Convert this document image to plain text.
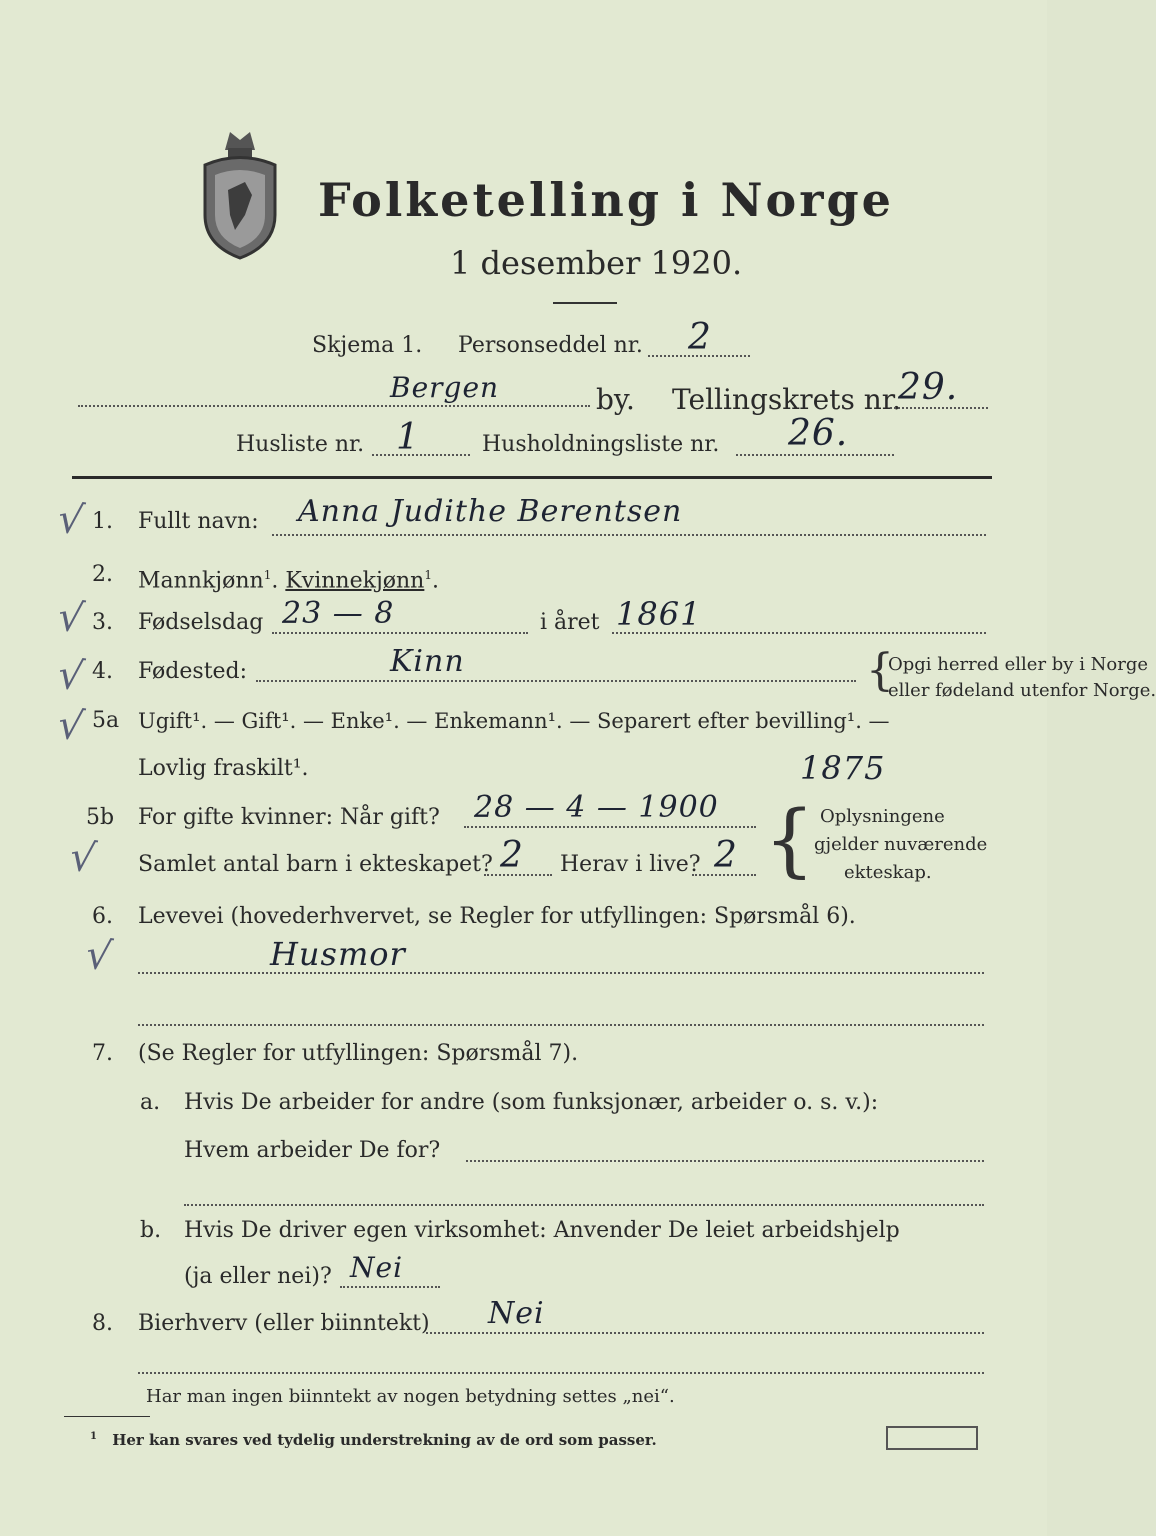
Folketelling i Norge
1 desember 1920.
Skjema 1. Personseddel nr. 2
Bergen	by. Tellingskrets nr.
29.
Husliste nr. 1	Husholdningsliste nr. 26.
√
√
√
√
√
√
1. Fullt navn: Anna Judithe Berentsen
2. Mannkjønn$^1$. Kvinnekjønn$^1$.
3. Fødselsdag 23 — 8	i året 1861
4. Fødested:	Kinn	{
Opgi herred eller by i Norge
eller fødeland utenfor Norge.
5a Ugift¹. — Gift¹. — Enke¹. — Enkemann¹. — Separert efter bevilling¹. —
Lovlig fraskilt¹.	1875
5b For gifte kvinner: Når gift? 28 — 4 — 1900
Samlet antal barn i ekteskapet? 2 Herav i live? 2 { Oplysningene
gjelder nuværende
ekteskap.
6. Levevei (hovederhvervet, se Regler for utfyllingen: Spørsmål 6).
Husmor
7. (Se Regler for utfyllingen: Spørsmål 7).
a. Hvis De arbeider for andre (som funksjonær, arbeider o. s. v.):
Hvem arbeider De for?
b. Hvis De driver egen virksomhet: Anvender De leiet arbeidshjelp
(ja eller nei)? Nei
8. Bierhverv (eller biinntekt) Nei
Har man ingen biinntekt av nogen betydning settes „nei“.
$^1$ Her kan svares ved tydelig understrekning av de ord som passer.
